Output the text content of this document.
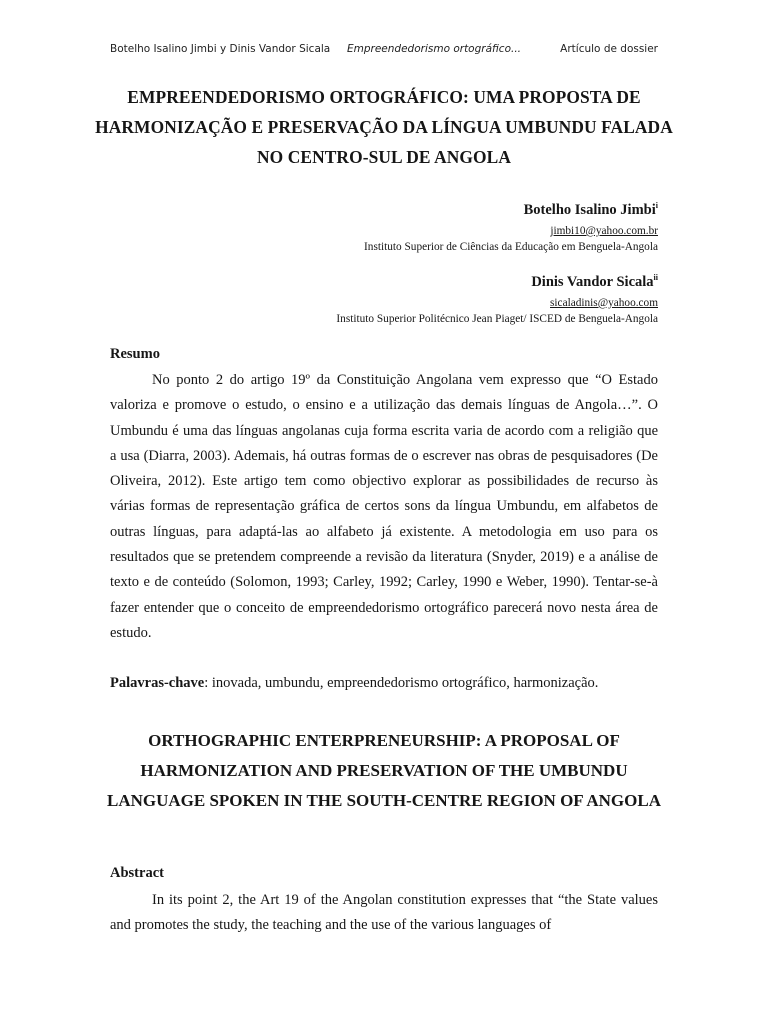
Botelho Isalino Jimbi y Dinis Vandor Sicala Empreendedorismo ortográfico...	Artículo de dossier
EMPREENDEDORISMO ORTOGRÁFICO: UMA PROPOSTA DE HARMONIZAÇÃO E PRESERVAÇÃO DA LÍNGUA UMBUNDU FALADA NO CENTRO-SUL DE ANGOLA
Botelho Isalino Jimbi$^i$
jimbi10@yahoo.com.br
Instituto Superior de Ciências da Educação em Benguela-Angola
Dinis Vandor Sicala$^{ii}$
sicaladinis@yahoo.com
Instituto Superior Politécnico Jean Piaget/ ISCED de Benguela-Angola
Resumo

No ponto 2 do artigo 19º da Constituição Angolana vem expresso que “O Estado valoriza e promove o estudo, o ensino e a utilização das demais línguas de Angola…”. O Umbundu é uma das línguas angolanas cuja forma escrita varia de acordo com a religião que a usa (Diarra, 2003). Ademais, há outras formas de o escrever nas obras de pesquisadores (De Oliveira, 2012). Este artigo tem como objectivo explorar as possibilidades de recurso às várias formas de representação gráfica de certos sons da língua Umbundu, em alfabetos de outras línguas, para adaptá-las ao alfabeto já existente. A metodologia em uso para os resultados que se pretendem compreende a revisão da literatura (Snyder, 2019) e a análise de texto e de conteúdo (Solomon, 1993; Carley, 1992; Carley, 1990 e Weber, 1990). Tentar-se-à fazer entender que o conceito de empreendedorismo ortográfico parecerá novo nesta área de estudo.

Palavras-chave: inovada, umbundu, empreendedorismo ortográfico, harmonização.

ORTHOGRAPHIC ENTERPRENEURSHIP: A PROPOSAL OF HARMONIZATION AND PRESERVATION OF THE UMBUNDU LANGUAGE SPOKEN IN THE SOUTH-CENTRE REGION OF ANGOLA
Abstract

In its point 2, the Art 19 of the Angolan constitution expresses that “the State values and promotes the study, the teaching and the use of the various languages of
